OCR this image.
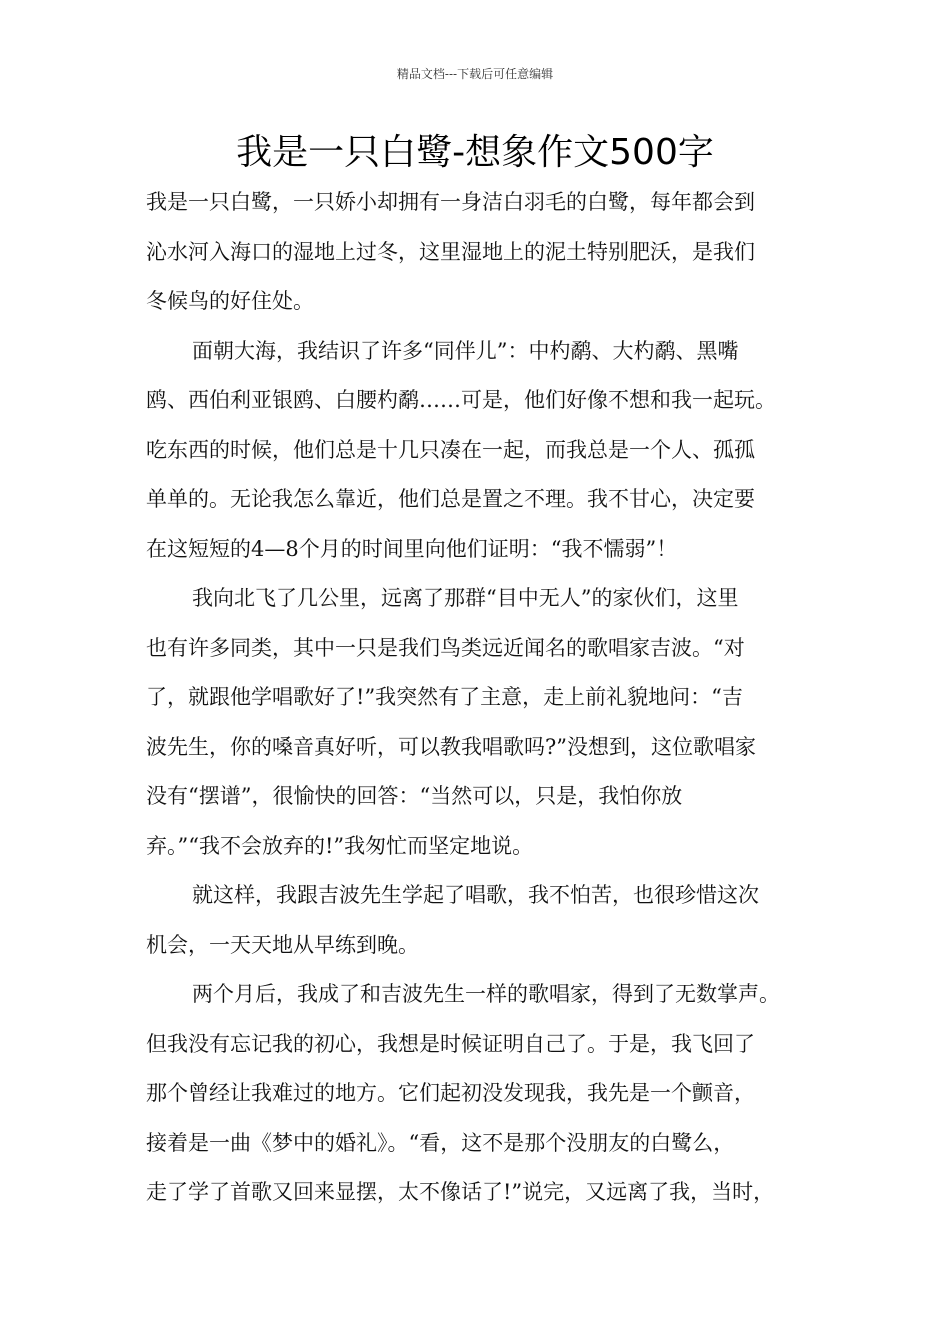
精品文档---下载后可任意编辑
我是一只白鹭-想象作文500字

我是一只白鹭，一只娇小却拥有一身洁白羽毛的白鹭，每年都会到

沁水河入海口的湿地上过冬，这里湿地上的泥土特别肥沃，是我们

冬候鸟的好住处。

面朝大海，我结识了许多“同伴儿”：中杓鹬、大杓鹬、黑嘴

鸥、西伯利亚银鸥、白腰杓鹬……可是，他们好像不想和我一起玩。

吃东西的时候，他们总是十几只凑在一起，而我总是一个人、孤孤

单单的。无论我怎么靠近，他们总是置之不理。我不甘心，决定要

在这短短的4—8个月的时间里向他们证明：“我不懦弱”！

我向北飞了几公里，远离了那群“目中无人”的家伙们，这里

也有许多同类，其中一只是我们鸟类远近闻名的歌唱家吉波。“对

了，就跟他学唱歌好了!”我突然有了主意，走上前礼貌地问：“吉

波先生，你的嗓音真好听，可以教我唱歌吗?”没想到，这位歌唱家

没有“摆谱”，很愉快的回答：“当然可以，只是，我怕你放

弃。”“我不会放弃的!”我匆忙而坚定地说。

就这样，我跟吉波先生学起了唱歌，我不怕苦，也很珍惜这次

机会，一天天地从早练到晚。

两个月后，我成了和吉波先生一样的歌唱家，得到了无数掌声。

但我没有忘记我的初心，我想是时候证明自己了。于是，我飞回了

那个曾经让我难过的地方。它们起初没发现我，我先是一个颤音，

接着是一曲《梦中的婚礼》。“看，这不是那个没朋友的白鹭么，

走了学了首歌又回来显摆，太不像话了!”说完，又远离了我，当时，
